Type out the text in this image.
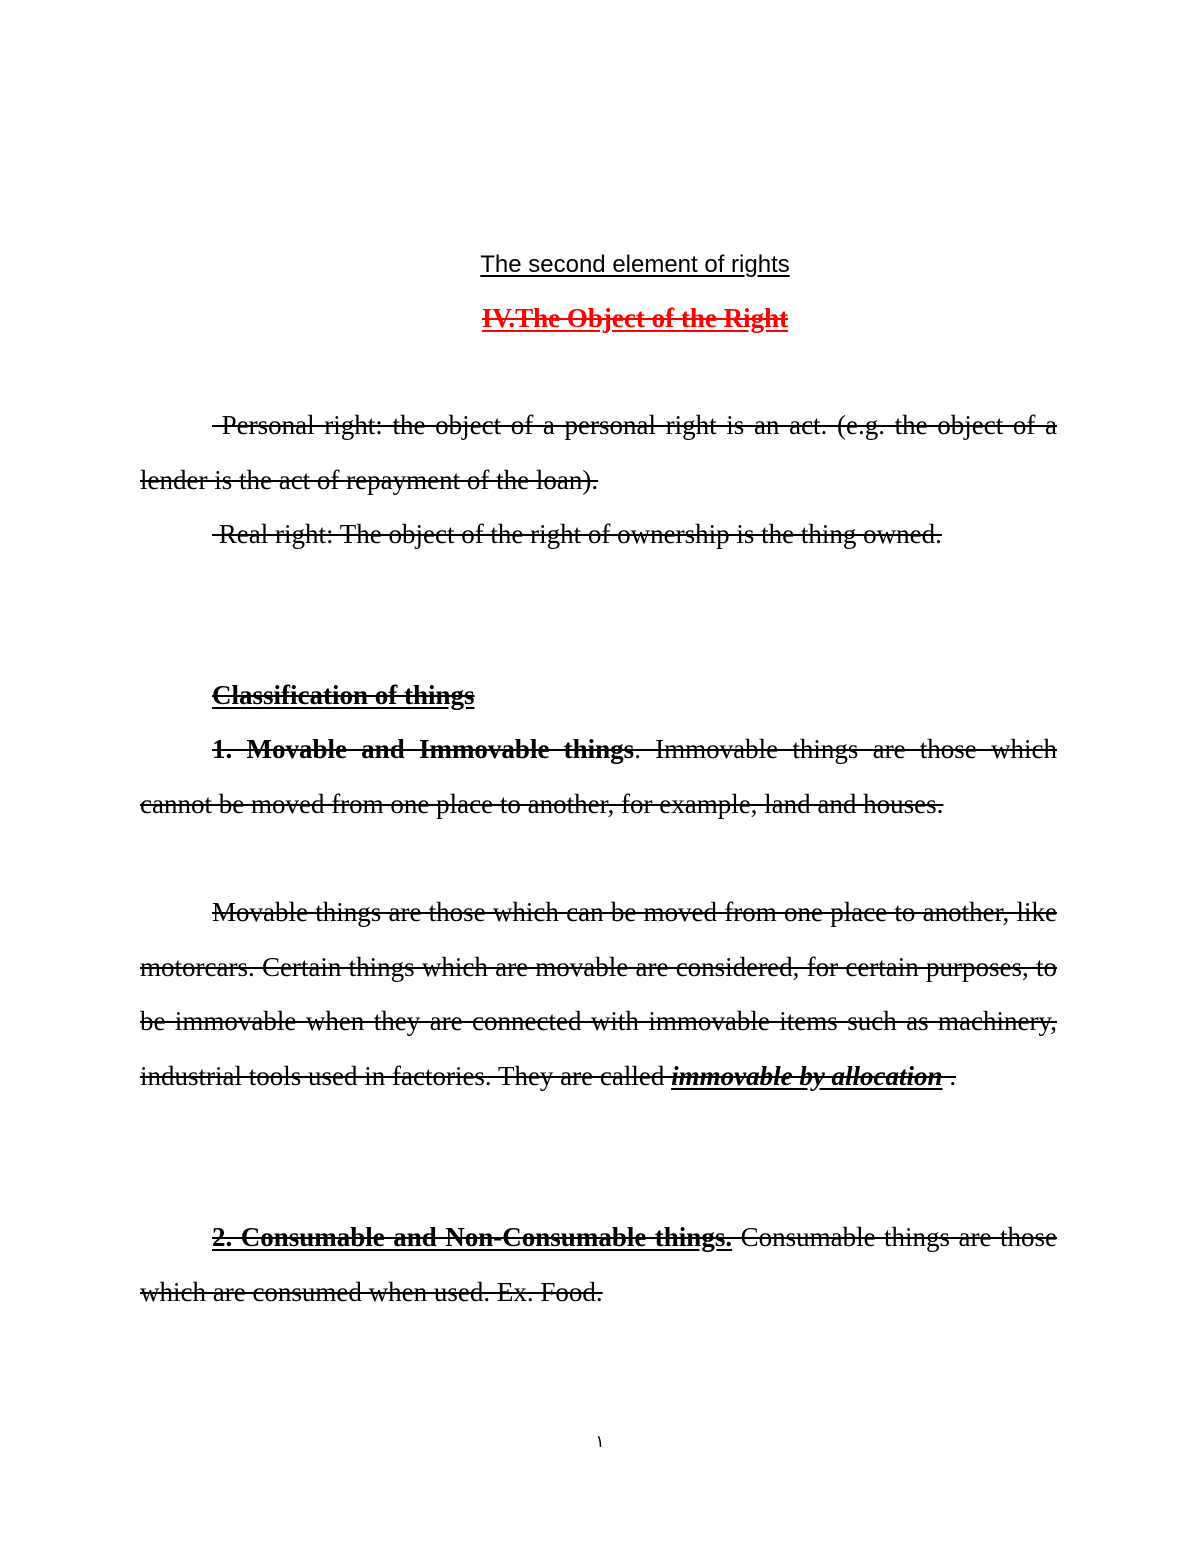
The second element of rights
IV.The Object of the Right
Personal right: the object of a personal right is an act. (e.g. the object of a lender is the act of repayment of the loan).
Real right: The object of the right of ownership is the thing owned.
Classification of things
1. Movable and Immovable things. Immovable things are those which cannot be moved from one place to another, for example, land and houses.
Movable things are those which can be moved from one place to another, like motorcars. Certain things which are movable are considered, for certain purposes, to be immovable when they are connected with immovable items such as machinery, industrial tools used in factories. They are called immovable by allocation .
2. Consumable and Non-Consumable things. Consumable things are those which are consumed when used. Ex. Food.
١
